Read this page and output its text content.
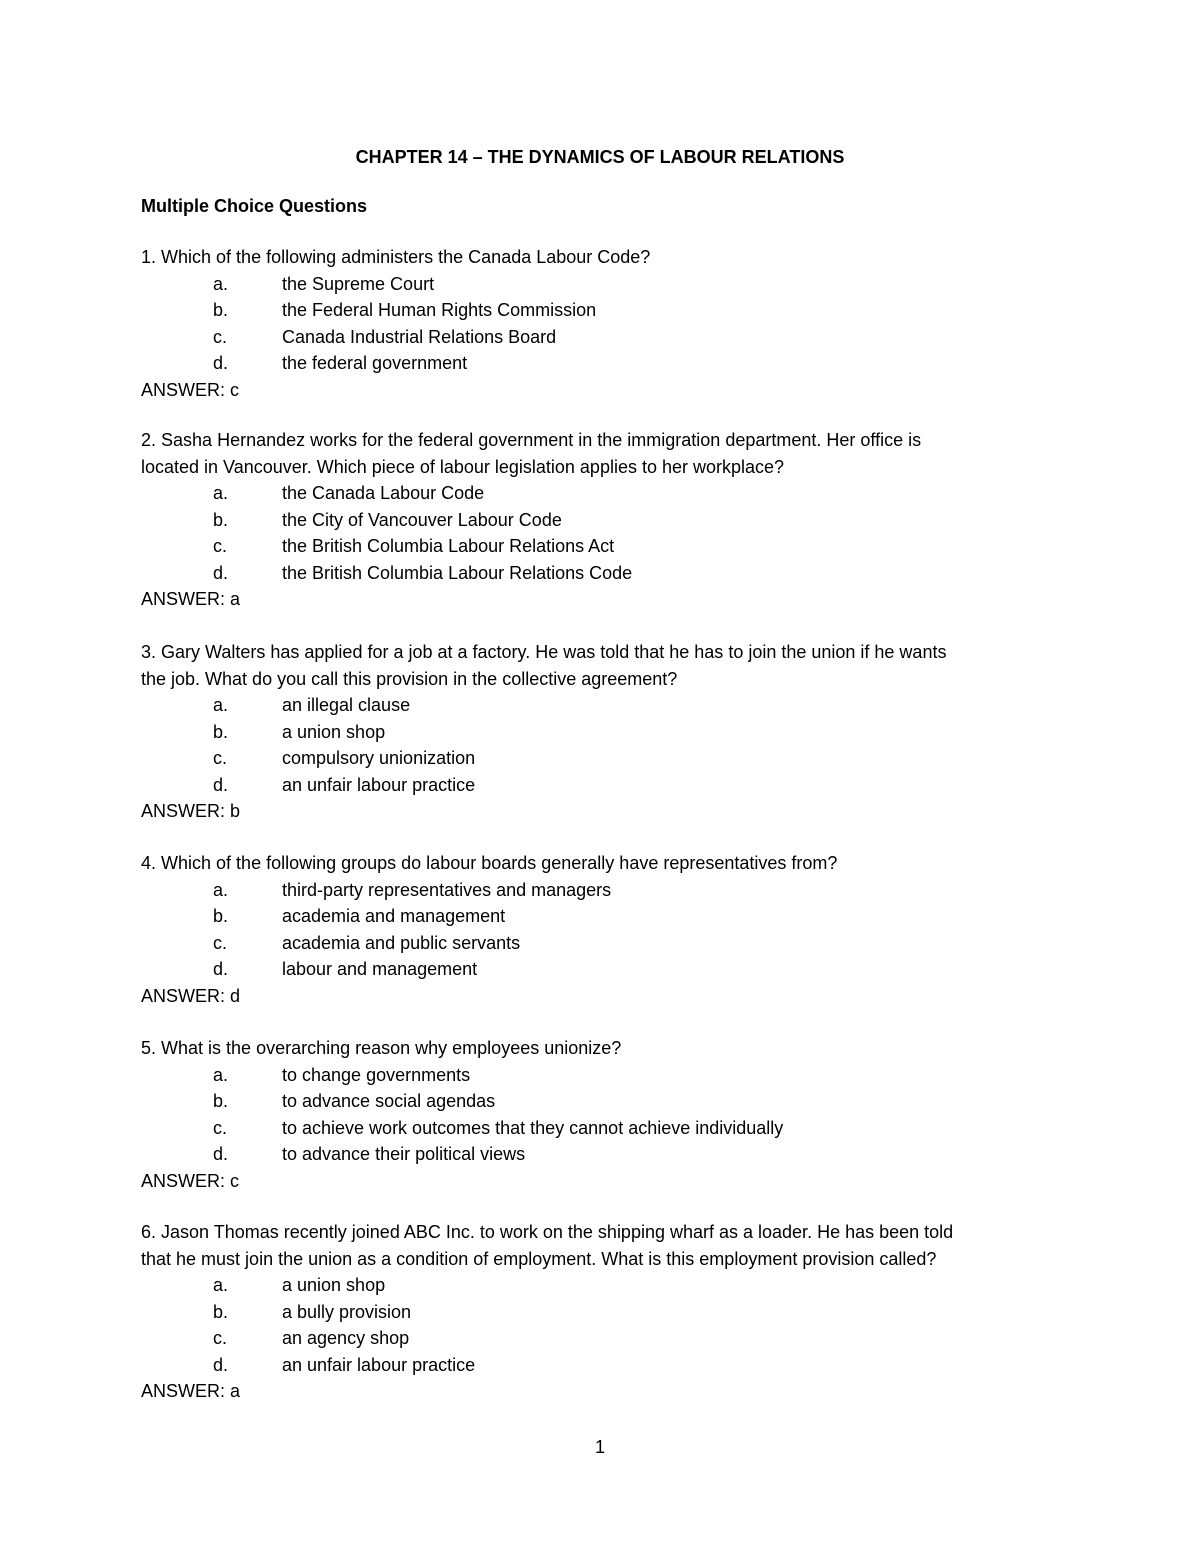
CHAPTER 14 – THE DYNAMICS OF LABOUR RELATIONS
Multiple Choice Questions
1. Which of the following administers the Canada Labour Code?
a.	the Supreme Court
b.	the Federal Human Rights Commission
c.	Canada Industrial Relations Board
d.	the federal government
ANSWER: c
2. Sasha Hernandez works for the federal government in the immigration department. Her office is
located in Vancouver. Which piece of labour legislation applies to her workplace?
a.	the Canada Labour Code
b.	the City of Vancouver Labour Code
c.	the British Columbia Labour Relations Act
d.	the British Columbia Labour Relations Code
ANSWER: a
3. Gary Walters has applied for a job at a factory. He was told that he has to join the union if he wants
the job. What do you call this provision in the collective agreement?
a.	an illegal clause
b.	a union shop
c.	compulsory unionization
d.	an unfair labour practice
ANSWER: b
4. Which of the following groups do labour boards generally have representatives from?
a.	third-party representatives and managers
b.	academia and management
c.	academia and public servants
d.	labour and management
ANSWER: d
5. What is the overarching reason why employees unionize?
a.	to change governments
b.	to advance social agendas
c.	to achieve work outcomes that they cannot achieve individually
d.	to advance their political views
ANSWER: c
6. Jason Thomas recently joined ABC Inc. to work on the shipping wharf as a loader. He has been told
that he must join the union as a condition of employment. What is this employment provision called?
a.	a union shop
b.	a bully provision
c.	an agency shop
d.	an unfair labour practice
ANSWER: a
1
